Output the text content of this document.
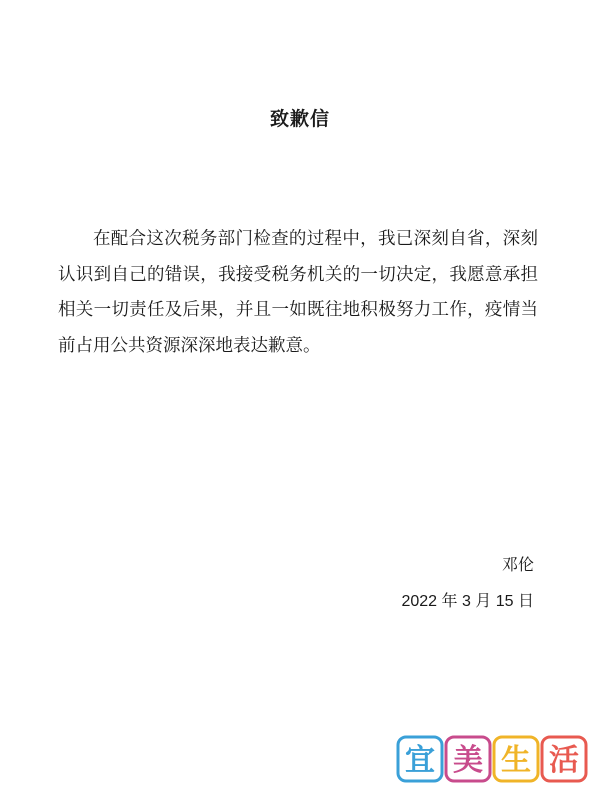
致歉信
在配合这次税务部门检查的过程中，我已深刻自省，深刻认识到自己的错误，我接受税务机关的一切决定，我愿意承担相关一切责任及后果，并且一如既往地积极努力工作，疫情当前占用公共资源深深地表达歉意。
邓伦
2022 年 3 月 15 日
宜 美 生 活
